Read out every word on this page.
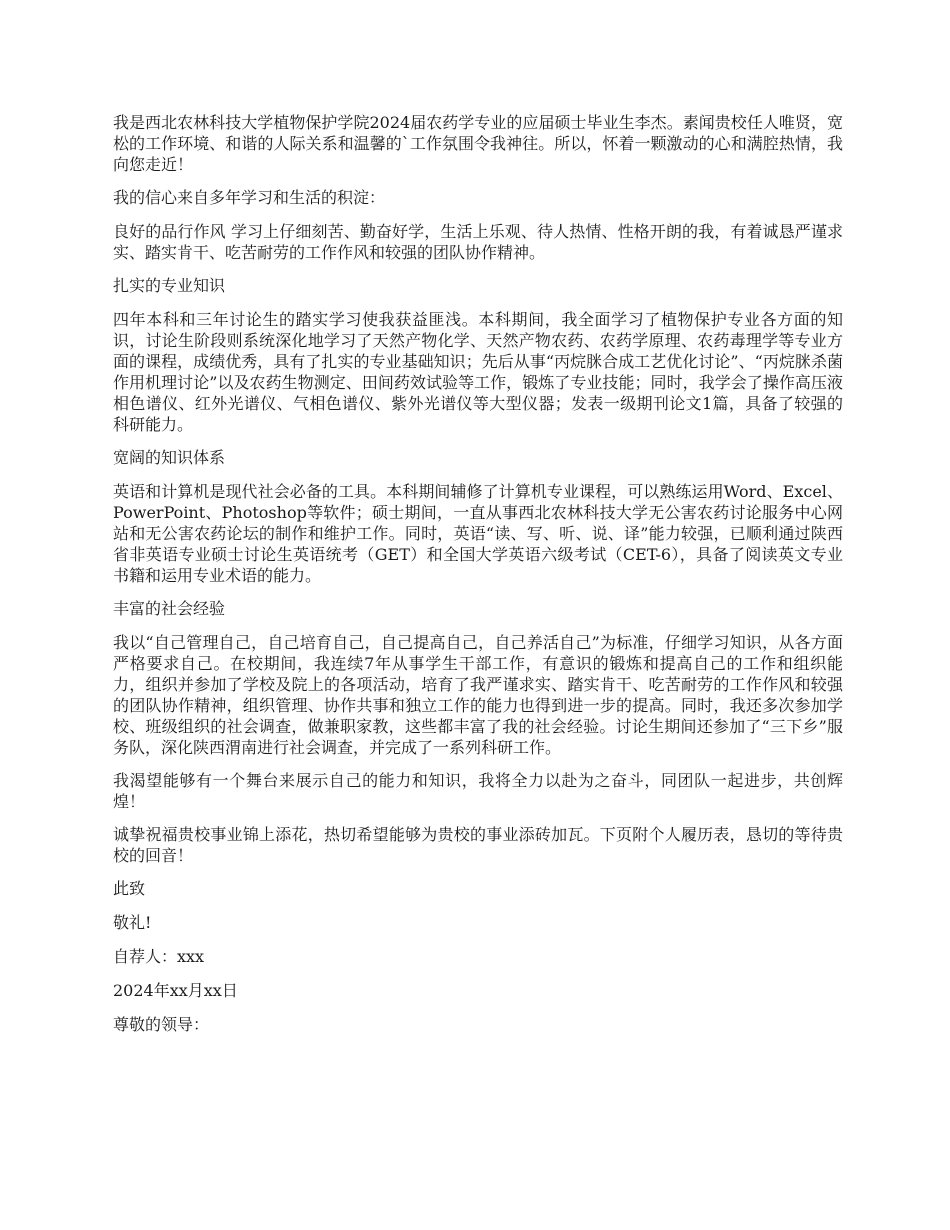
我是西北农林科技大学植物保护学院2024届农药学专业的应届硕士毕业生李杰。素闻贵校任人唯贤，宽松的工作环境、和谐的人际关系和温馨的`工作氛围令我神往。所以，怀着一颗激动的心和满腔热情，我向您走近！

我的信心来自多年学习和生活的积淀：

良好的品行作风 学习上仔细刻苦、勤奋好学，生活上乐观、待人热情、性格开朗的我，有着诚恳严谨求实、踏实肯干、吃苦耐劳的工作作风和较强的团队协作精神。

扎实的专业知识

四年本科和三年讨论生的踏实学习使我获益匪浅。本科期间，我全面学习了植物保护专业各方面的知识，讨论生阶段则系统深化地学习了天然产物化学、天然产物农药、农药学原理、农药毒理学等专业方面的课程，成绩优秀，具有了扎实的专业基础知识；先后从事“丙烷脒合成工艺优化讨论”、“丙烷脒杀菌作用机理讨论”以及农药生物测定、田间药效试验等工作，锻炼了专业技能；同时，我学会了操作高压液相色谱仪、红外光谱仪、气相色谱仪、紫外光谱仪等大型仪器；发表一级期刊论文1篇，具备了较强的科研能力。

宽阔的知识体系

英语和计算机是现代社会必备的工具。本科期间辅修了计算机专业课程，可以熟练运用Word、Excel、PowerPoint、Photoshop等软件；硕士期间，一直从事西北农林科技大学无公害农药讨论服务中心网站和无公害农药论坛的制作和维护工作。同时，英语“读、写、听、说、译”能力较强，已顺利通过陕西省非英语专业硕士讨论生英语统考（GET）和全国大学英语六级考试（CET-6），具备了阅读英文专业书籍和运用专业术语的能力。

丰富的社会经验

我以“自己管理自己，自己培育自己，自己提高自己，自己养活自己”为标准，仔细学习知识，从各方面严格要求自己。在校期间，我连续7年从事学生干部工作，有意识的锻炼和提高自己的工作和组织能力，组织并参加了学校及院上的各项活动，培育了我严谨求实、踏实肯干、吃苦耐劳的工作作风和较强的团队协作精神，组织管理、协作共事和独立工作的能力也得到进一步的提高。同时，我还多次参加学校、班级组织的社会调查，做兼职家教，这些都丰富了我的社会经验。讨论生期间还参加了“三下乡”服务队，深化陕西渭南进行社会调查，并完成了一系列科研工作。

我渴望能够有一个舞台来展示自己的能力和知识，我将全力以赴为之奋斗，同团队一起进步，共创辉煌！

诚挚祝福贵校事业锦上添花，热切希望能够为贵校的事业添砖加瓦。下页附个人履历表，恳切的等待贵校的回音！

此致

敬礼!

自荐人：xxx

2024年xx月xx日

尊敬的领导：
